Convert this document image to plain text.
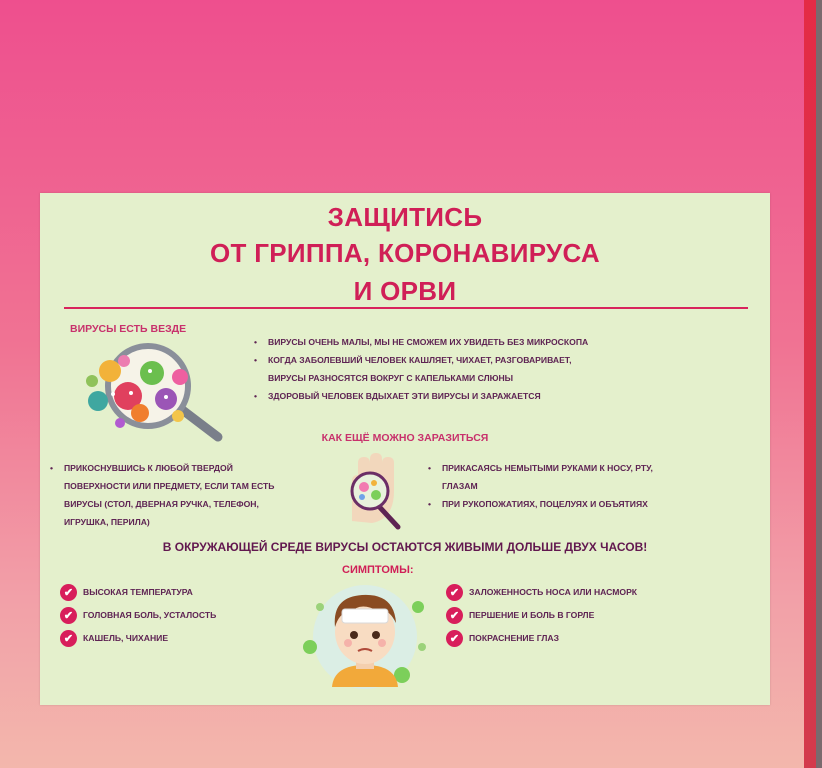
ЗАЩИТИСЬ
ОТ ГРИППА, КОРОНАВИРУСА
И ОРВИ
ВИРУСЫ ЕСТЬ ВЕЗДЕ
• ВИРУСЫ ОЧЕНЬ МАЛЫ, МЫ НЕ СМОЖЕМ ИХ УВИДЕТЬ БЕЗ МИКРОСКОПА
• КОГДА ЗАБОЛЕВШИЙ ЧЕЛОВЕК КАШЛЯЕТ, ЧИХАЕТ, РАЗГОВАРИВАЕТ,
ВИРУСЫ РАЗНОСЯТСЯ ВОКРУГ С КАПЕЛЬКАМИ СЛЮНЫ
• ЗДОРОВЫЙ ЧЕЛОВЕК ВДЫХАЕТ ЭТИ ВИРУСЫ И ЗАРАЖАЕТСЯ
КАК ЕЩЁ МОЖНО ЗАРАЗИТЬСЯ
• ПРИКОСНУВШИСЬ К ЛЮБОЙ ТВЕРДОЙ
ПОВЕРХНОСТИ ИЛИ ПРЕДМЕТУ, ЕСЛИ ТАМ ЕСТЬ
ВИРУСЫ (СТОЛ, ДВЕРНАЯ РУЧКА, ТЕЛЕФОН,
ИГРУШКА, ПЕРИЛА)
• ПРИКАСАЯСЬ НЕМЫТЫМИ РУКАМИ К НОСУ, РТУ,
ГЛАЗАМ
• ПРИ РУКОПОЖАТИЯХ, ПОЦЕЛУЯХ И ОБЪЯТИЯХ
В ОКРУЖАЮЩЕЙ СРЕДЕ ВИРУСЫ ОСТАЮТСЯ ЖИВЫМИ ДОЛЬШЕ ДВУХ ЧАСОВ!
СИМПТОМЫ:
✔	ВЫСОКАЯ ТЕМПЕРАТУРА
✔	ГОЛОВНАЯ БОЛЬ, УСТАЛОСТЬ
✔	КАШЕЛЬ, ЧИХАНИЕ
✔	ЗАЛОЖЕННОСТЬ НОСА ИЛИ НАСМОРК
✔	ПЕРШЕНИЕ И БОЛЬ В ГОРЛЕ
✔	ПОКРАСНЕНИЕ ГЛАЗ
